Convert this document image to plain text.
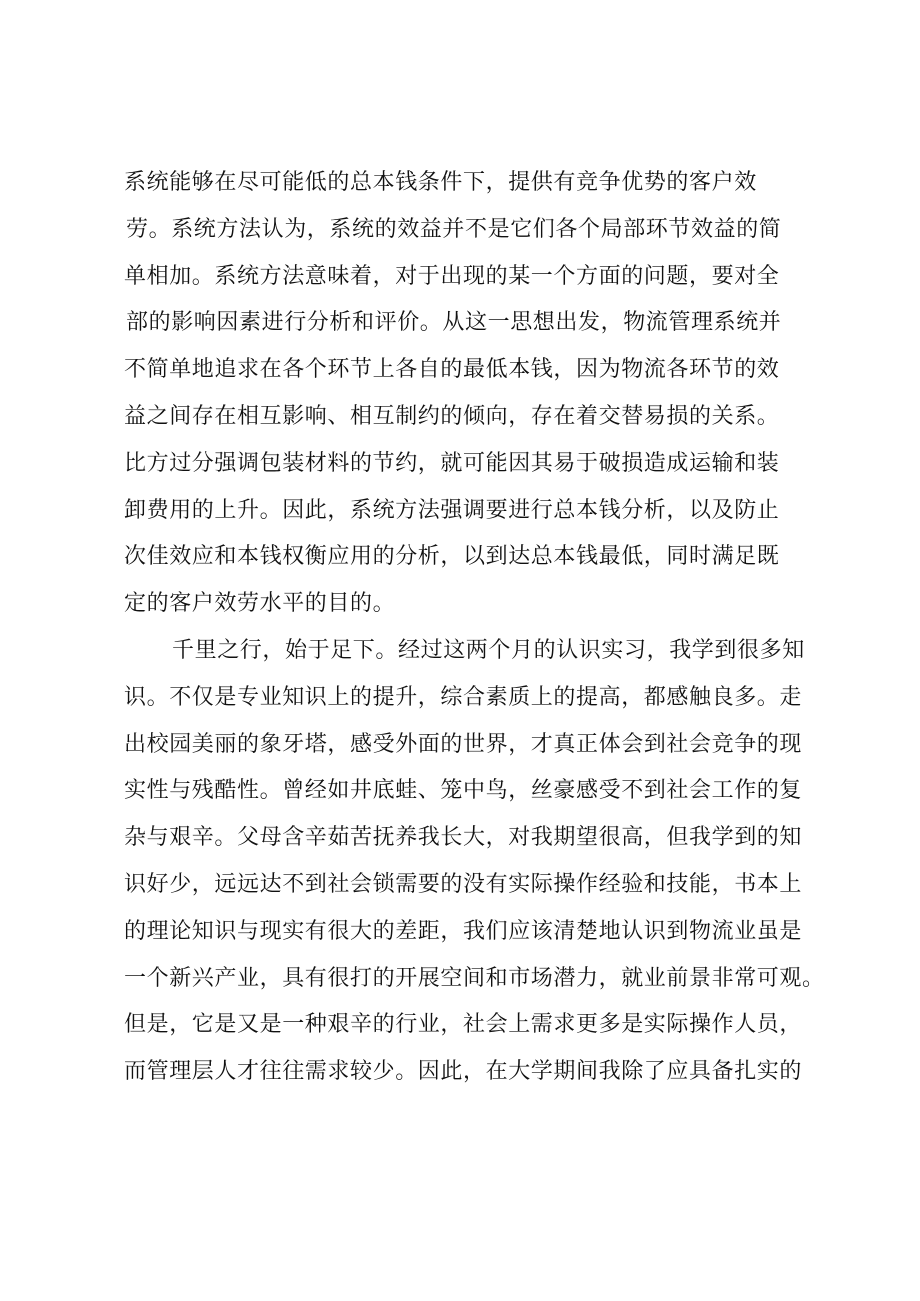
系统能够在尽可能低的总本钱条件下，提供有竞争优势的客户效
劳。系统方法认为，系统的效益并不是它们各个局部环节效益的简
单相加。系统方法意味着，对于出现的某一个方面的问题，要对全
部的影响因素进行分析和评价。从这一思想出发，物流管理系统并
不简单地追求在各个环节上各自的最低本钱，因为物流各环节的效
益之间存在相互影响、相互制约的倾向，存在着交替易损的关系。
比方过分强调包装材料的节约，就可能因其易于破损造成运输和装
卸费用的上升。因此，系统方法强调要进行总本钱分析，以及防止
次佳效应和本钱权衡应用的分析，以到达总本钱最低，同时满足既
定的客户效劳水平的目的。
千里之行，始于足下。经过这两个月的认识实习，我学到很多知
识。不仅是专业知识上的提升，综合素质上的提高，都感触良多。走
出校园美丽的象牙塔，感受外面的世界，才真正体会到社会竞争的现
实性与残酷性。曾经如井底蛙、笼中鸟，丝豪感受不到社会工作的复
杂与艰辛。父母含辛茹苦抚养我长大，对我期望很高，但我学到的知
识好少，远远达不到社会锁需要的没有实际操作经验和技能，书本上
的理论知识与现实有很大的差距，我们应该清楚地认识到物流业虽是
一个新兴产业，具有很打的开展空间和市场潜力，就业前景非常可观。
但是，它是又是一种艰辛的行业，社会上需求更多是实际操作人员，
而管理层人才往往需求较少。因此，在大学期间我除了应具备扎实的
